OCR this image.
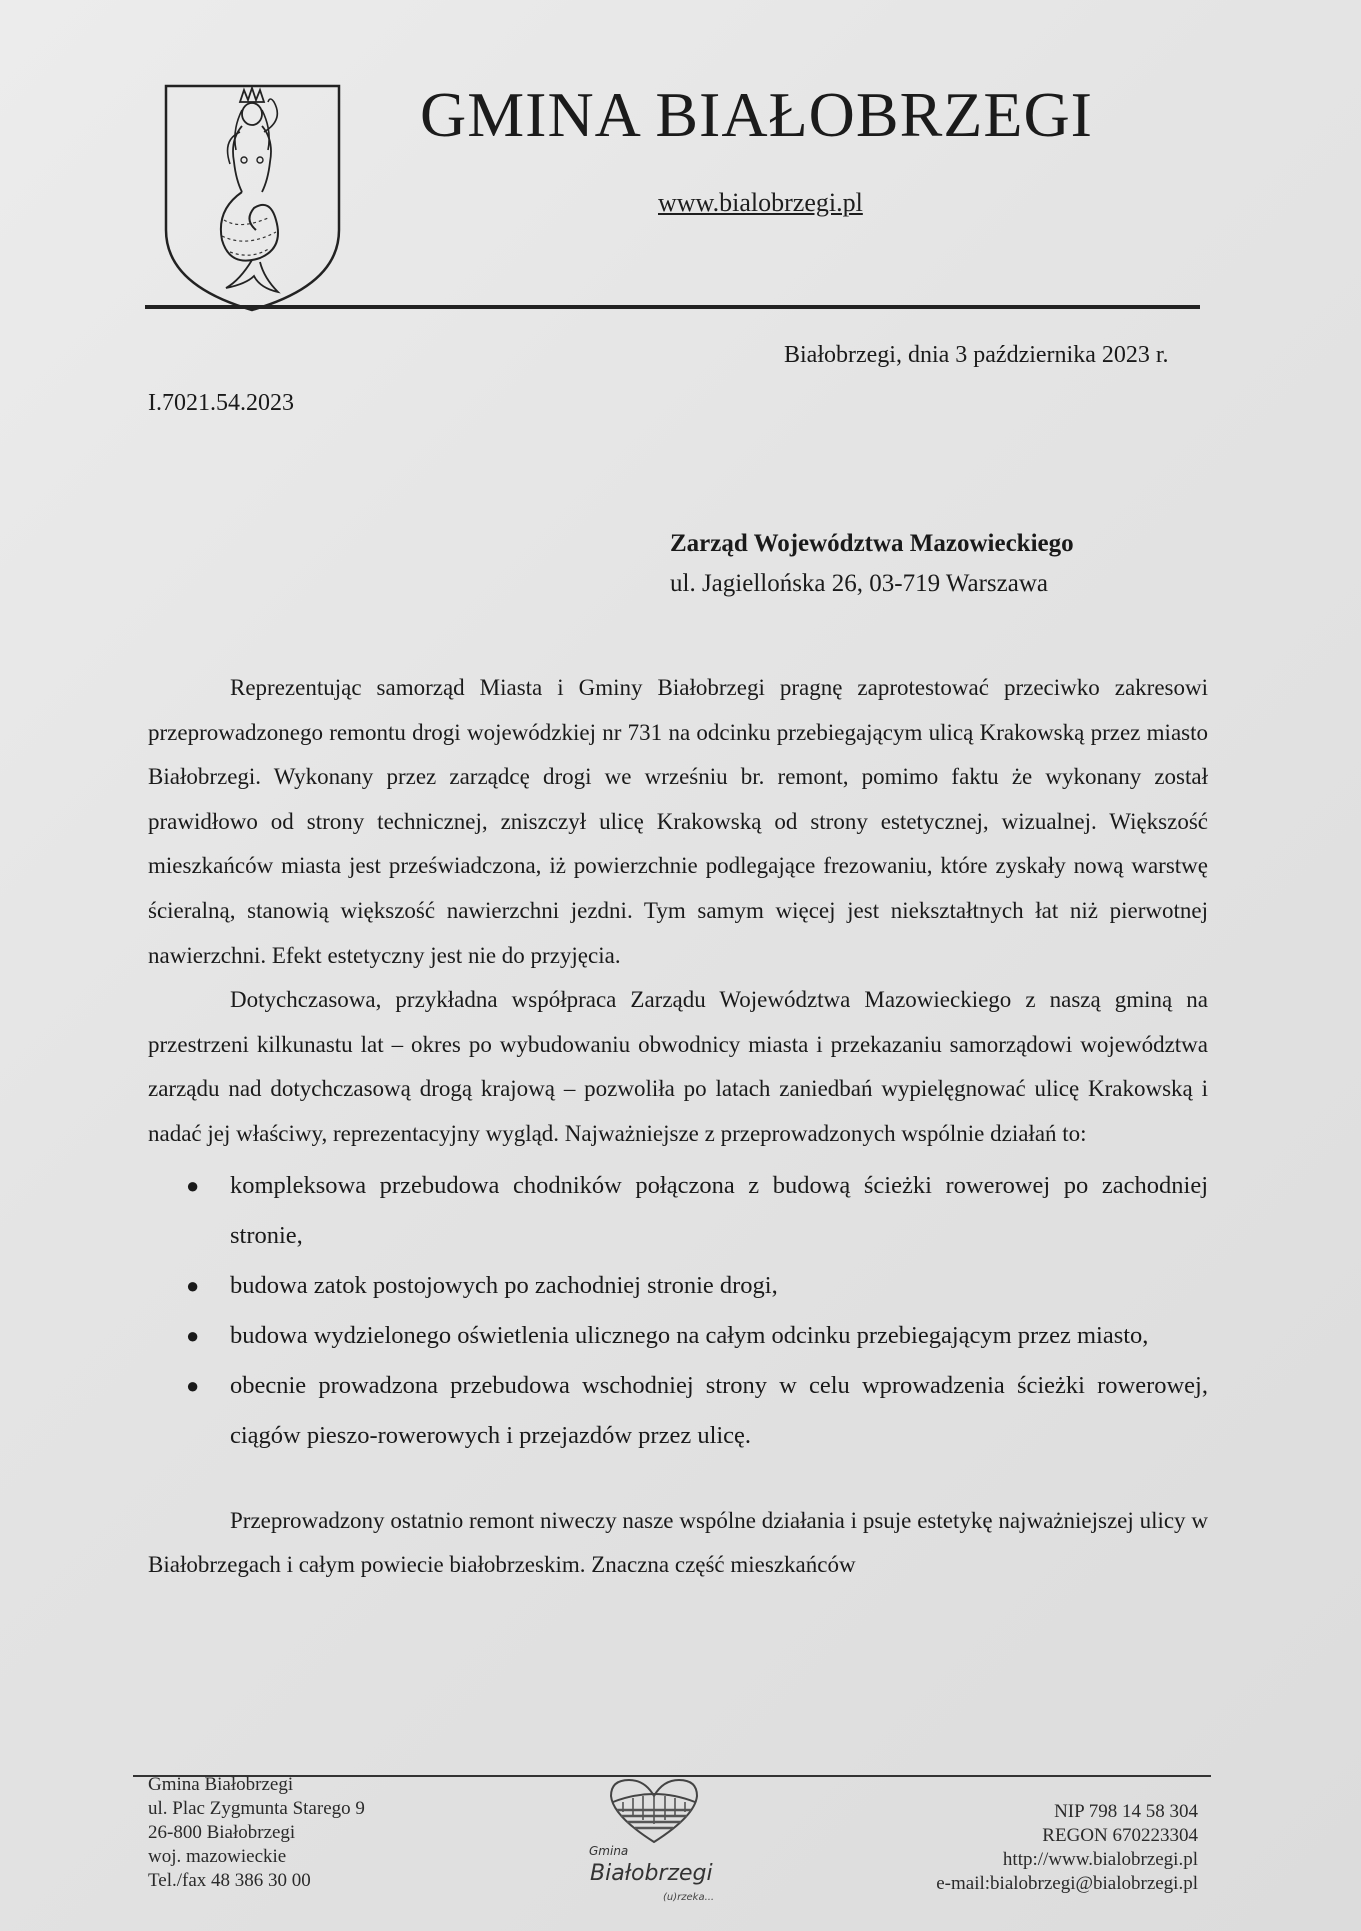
GMINA BIAŁOBRZEGI
www.bialobrzegi.pl
Białobrzegi, dnia 3 października 2023 r.
I.7021.54.2023
Zarząd Województwa Mazowieckiego
ul. Jagiellońska 26, 03-719 Warszawa

Reprezentując samorząd Miasta i Gminy Białobrzegi pragnę zaprotestować przeciwko zakresowi przeprowadzonego remontu drogi wojewódzkiej nr 731 na odcinku przebiegającym ulicą Krakowską przez miasto Białobrzegi. Wykonany przez zarządcę drogi we wrześniu br. remont, pomimo faktu że wykonany został prawidłowo od strony technicznej, zniszczył ulicę Krakowską od strony estetycznej, wizualnej. Większość mieszkańców miasta jest przeświadczona, iż powierzchnie podlegające frezowaniu, które zyskały nową warstwę ścieralną, stanowią większość nawierzchni jezdni. Tym samym więcej jest niekształtnych łat niż pierwotnej nawierzchni. Efekt estetyczny jest nie do przyjęcia.

Dotychczasowa, przykładna współpraca Zarządu Województwa Mazowieckiego z naszą gminą na przestrzeni kilkunastu lat – okres po wybudowaniu obwodnicy miasta i przekazaniu samorządowi województwa zarządu nad dotychczasową drogą krajową – pozwoliła po latach zaniedbań wypielęgnować ulicę Krakowską i nadać jej właściwy, reprezentacyjny wygląd. Najważniejsze z przeprowadzonych wspólnie działań to:

● kompleksowa przebudowa chodników połączona z budową ścieżki rowerowej po zachodniej stronie,
● budowa zatok postojowych po zachodniej stronie drogi,
● budowa wydzielonego oświetlenia ulicznego na całym odcinku przebiegającym przez miasto,
● obecnie prowadzona przebudowa wschodniej strony w celu wprowadzenia ścieżki rowerowej, ciągów pieszo-rowerowych i przejazdów przez ulicę.

Przeprowadzony ostatnio remont niweczy nasze wspólne działania i psuje estetykę najważniejszej ulicy w Białobrzegach i całym powiecie białobrzeskim. Znaczna część mieszkańców

Gmina Białobrzegi
ul. Plac Zygmunta Starego 9
26-800 Białobrzegi
woj. mazowieckie
Tel./fax 48 386 30 00
Gmina
Białobrzegi
(u)rzeka...
NIP 798 14 58 304
REGON 670223304
http://www.bialobrzegi.pl
e-mail:bialobrzegi@bialobrzegi.pl
